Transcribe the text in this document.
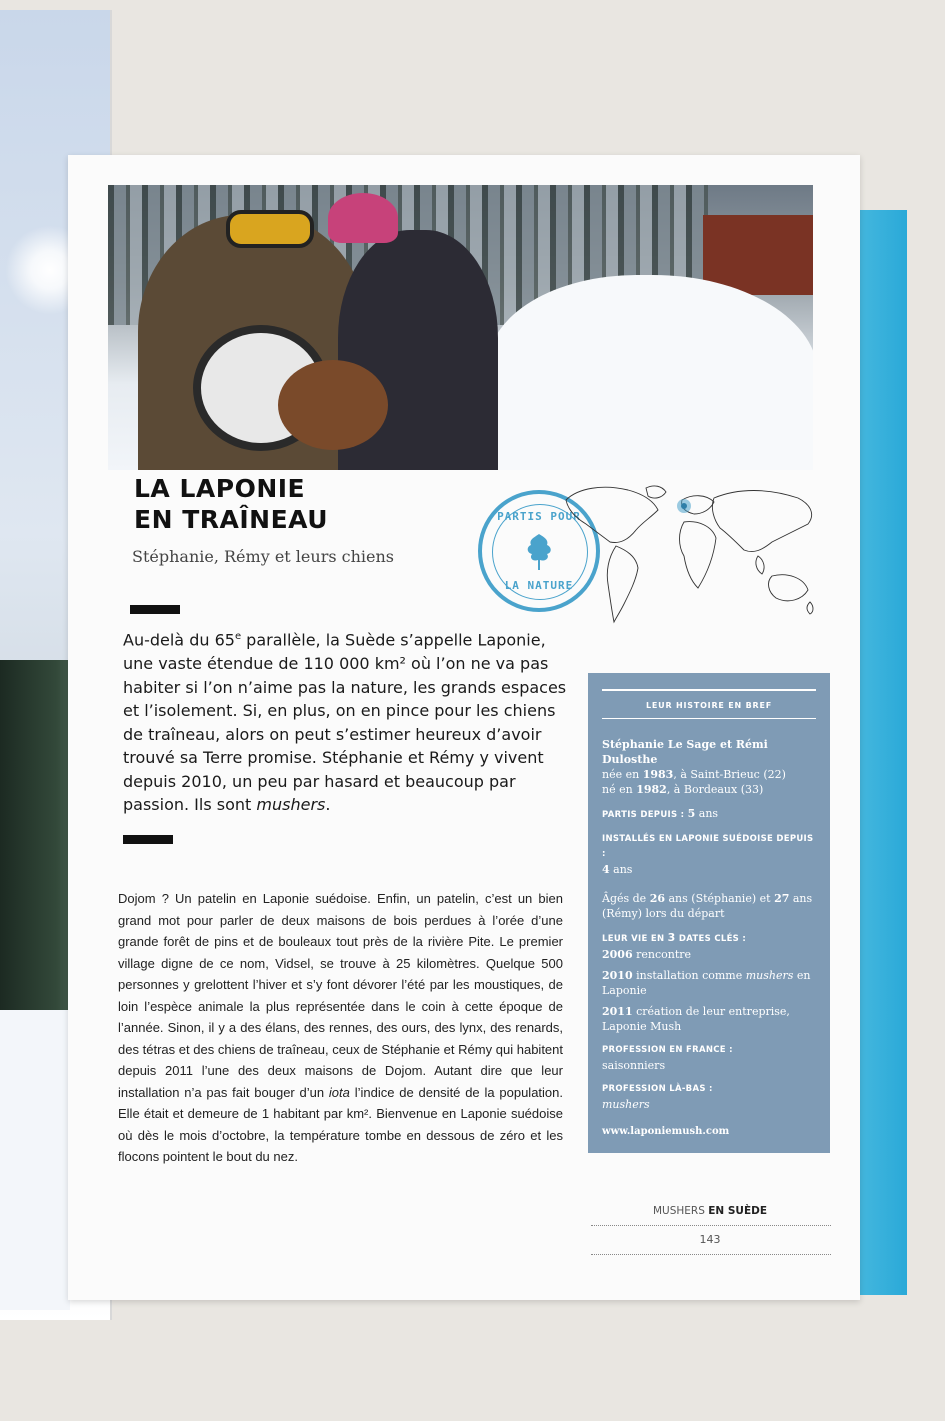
LA LAPONIE
EN TRAÎNEAU

Stéphanie, Rémy et leurs chiens

PARTIS POUR
LA NATURE

Au-delà du 65e parallèle, la Suède s’appelle Laponie, une vaste étendue de 110 000 km² où l’on ne va pas habiter si l’on n’aime pas la nature, les grands espaces et l’isolement. Si, en plus, on en pince pour les chiens de traîneau, alors on peut s’estimer heureux d’avoir trouvé sa Terre promise. Stéphanie et Rémy y vivent depuis 2010, un peu par hasard et beaucoup par passion. Ils sont mushers.

Dojom ? Un patelin en Laponie suédoise. Enfin, un patelin, c’est un bien grand mot pour parler de deux maisons de bois perdues à l’orée d’une grande forêt de pins et de bouleaux tout près de la rivière Pite. Le premier village digne de ce nom, Vidsel, se trouve à 25 kilomètres. Quelque 500 personnes y grelottent l’hiver et s’y font dévorer l’été par les moustiques, de loin l’espèce animale la plus représentée dans le coin à cette époque de l’année. Sinon, il y a des élans, des rennes, des ours, des lynx, des renards, des tétras et des chiens de traîneau, ceux de Stéphanie et Rémy qui habitent depuis 2011 l’une des deux maisons de Dojom. Autant dire que leur installation n’a pas fait bouger d’un iota l’indice de densité de la population. Elle était et demeure de 1 habitant par km². Bienvenue en Laponie suédoise où dès le mois d’octobre, la température tombe en dessous de zéro et les flocons pointent le bout du nez.

LEUR HISTOIRE EN BREF
Stéphanie Le Sage et Rémi Dulosthe
née en 1983, à Saint-Brieuc (22)
né en 1982, à Bordeaux (33)
PARTIS DEPUIS : 5 ans
INSTALLÉS EN LAPONIE SUÉDOISE DEPUIS :
4 ans
Âgés de 26 ans (Stéphanie) et 27 ans (Rémy) lors du départ
LEUR VIE EN 3 DATES CLÉS :
2006 rencontre
2010 installation comme mushers en Laponie
2011 création de leur entreprise, Laponie Mush
PROFESSION EN FRANCE :
saisonniers
PROFESSION LÀ-BAS :
mushers
www.laponiemush.com
MUSHERS EN SUÈDE
143
